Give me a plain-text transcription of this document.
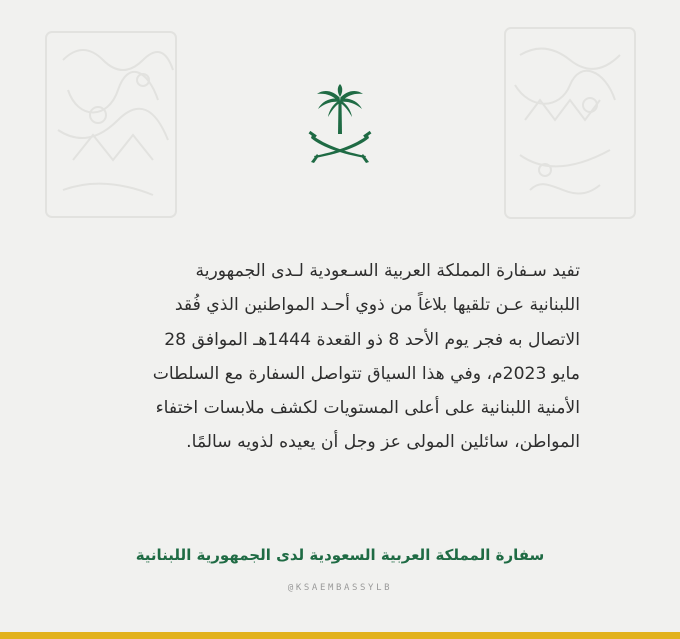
تفيد سـفارة المملكة العربية السـعودية لـدى الجمهورية
اللبنانية عـن تلقيها بلاغاً من ذوي أحـد المواطنين الذي فُقد
الاتصال به فجر يوم الأحد 8 ذو القعدة 1444هـ الموافق 28
مايو 2023م، وفي هذا السياق تتواصل السفارة مع السلطات
الأمنية اللبنانية على أعلى المستويات لكشف ملابسات اختفاء
المواطن، سائلين المولى عز وجل أن يعيده لذويه سالمًا.
سفارة المملكة العربية السعودية لدى الجمهورية اللبنانية
@KSAEMBASSYLB
